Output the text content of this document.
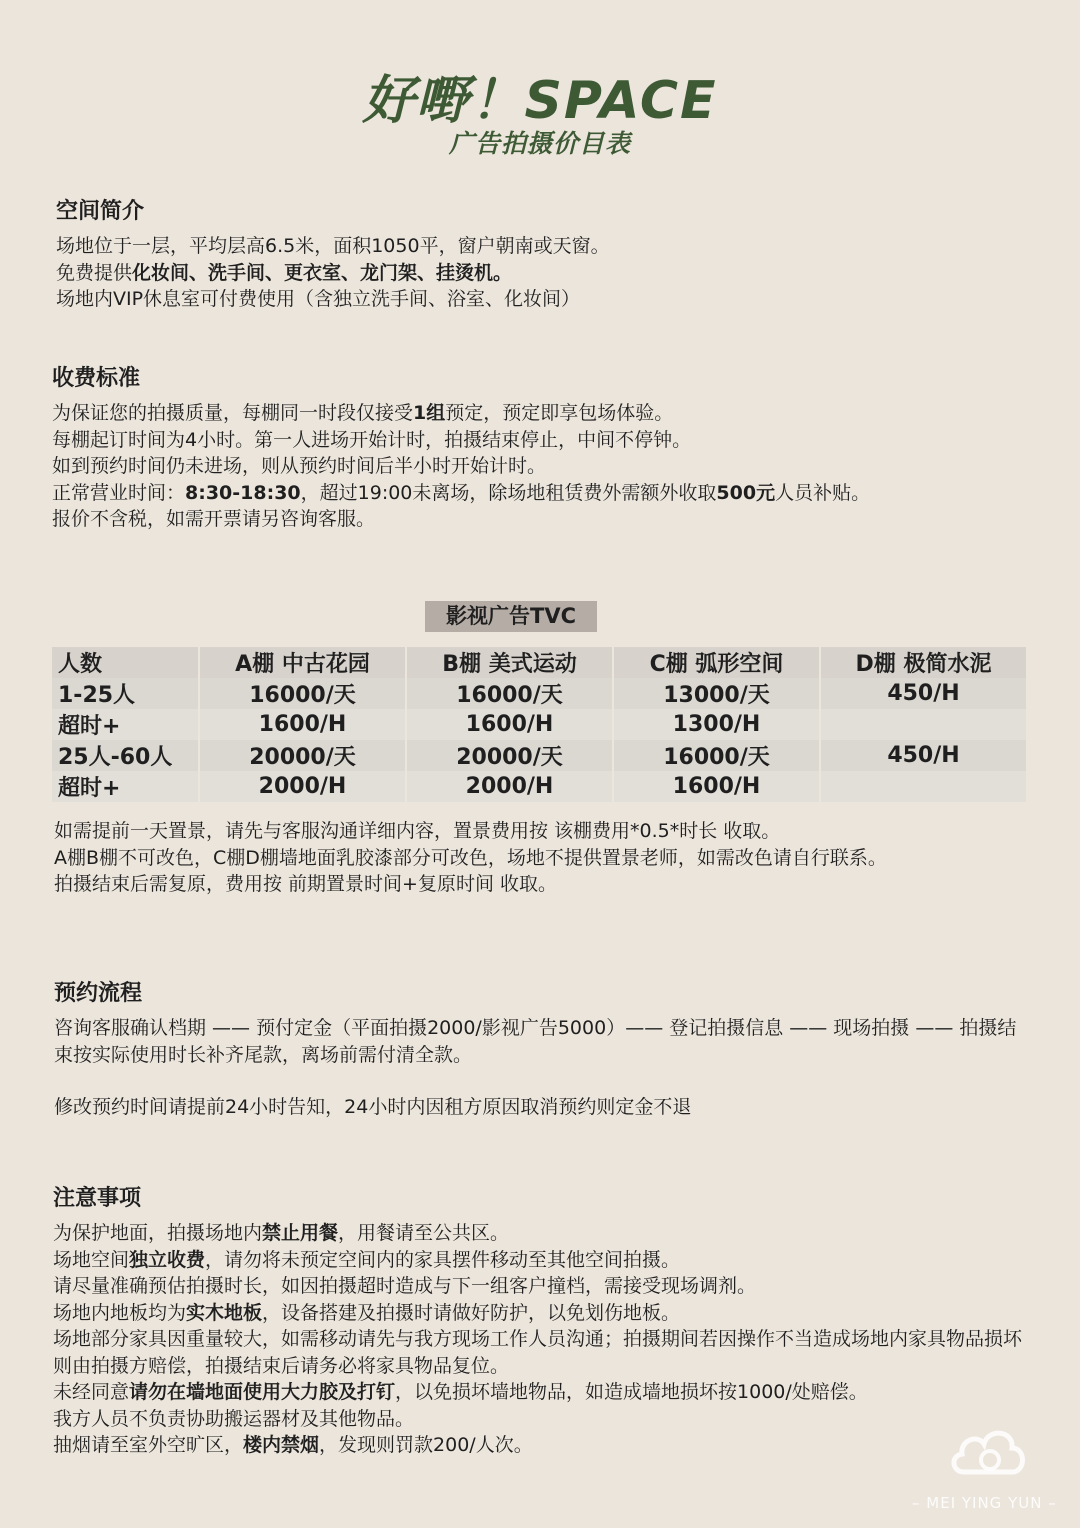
好嘢！SPACE
广告拍摄价目表
空间简介
场地位于一层，平均层高6.5米，面积1050平，窗户朝南或天窗。
免费提供化妆间、洗手间、更衣室、龙门架、挂烫机。
场地内VIP休息室可付费使用（含独立洗手间、浴室、化妆间）
收费标准
为保证您的拍摄质量，每棚同一时段仅接受1组预定，预定即享包场体验。
每棚起订时间为4小时。第一人进场开始计时，拍摄结束停止，中间不停钟。
如到预约时间仍未进场，则从预约时间后半小时开始计时。
正常营业时间：8:30-18:30，超过19:00未离场，除场地租赁费外需额外收取500元人员补贴。
报价不含税，如需开票请另咨询客服。
影视广告TVC
人数	A棚 中古花园	B棚 美式运动	C棚 弧形空间	D棚 极简水泥
1-25人	16000/天	16000/天	13000/天	450/H
超时+	1600/H	1600/H	1300/H	
25人-60人	20000/天	20000/天	16000/天	450/H
超时+	2000/H	2000/H	1600/H	
如需提前一天置景，请先与客服沟通详细内容，置景费用按 该棚费用*0.5*时长 收取。
A棚B棚不可改色，C棚D棚墙地面乳胶漆部分可改色，场地不提供置景老师，如需改色请自行联系。
拍摄结束后需复原，费用按 前期置景时间+复原时间 收取。
预约流程
咨询客服确认档期 —— 预付定金（平面拍摄2000/影视广告5000）—— 登记拍摄信息 —— 现场拍摄 —— 拍摄结束按实际使用时长补齐尾款，离场前需付清全款。
修改预约时间请提前24小时告知，24小时内因租方原因取消预约则定金不退
注意事项
为保护地面，拍摄场地内禁止用餐，用餐请至公共区。
场地空间独立收费，请勿将未预定空间内的家具摆件移动至其他空间拍摄。
请尽量准确预估拍摄时长，如因拍摄超时造成与下一组客户撞档，需接受现场调剂。
场地内地板均为实木地板，设备搭建及拍摄时请做好防护，以免划伤地板。
场地部分家具因重量较大，如需移动请先与我方现场工作人员沟通；拍摄期间若因操作不当造成场地内家具物品损坏则由拍摄方赔偿，拍摄结束后请务必将家具物品复位。
未经同意请勿在墙地面使用大力胶及打钉，以免损坏墙地物品，如造成墙地损坏按1000/处赔偿。
我方人员不负责协助搬运器材及其他物品。
抽烟请至室外空旷区，楼内禁烟，发现则罚款200/人次。
– MEI YING YUN –
